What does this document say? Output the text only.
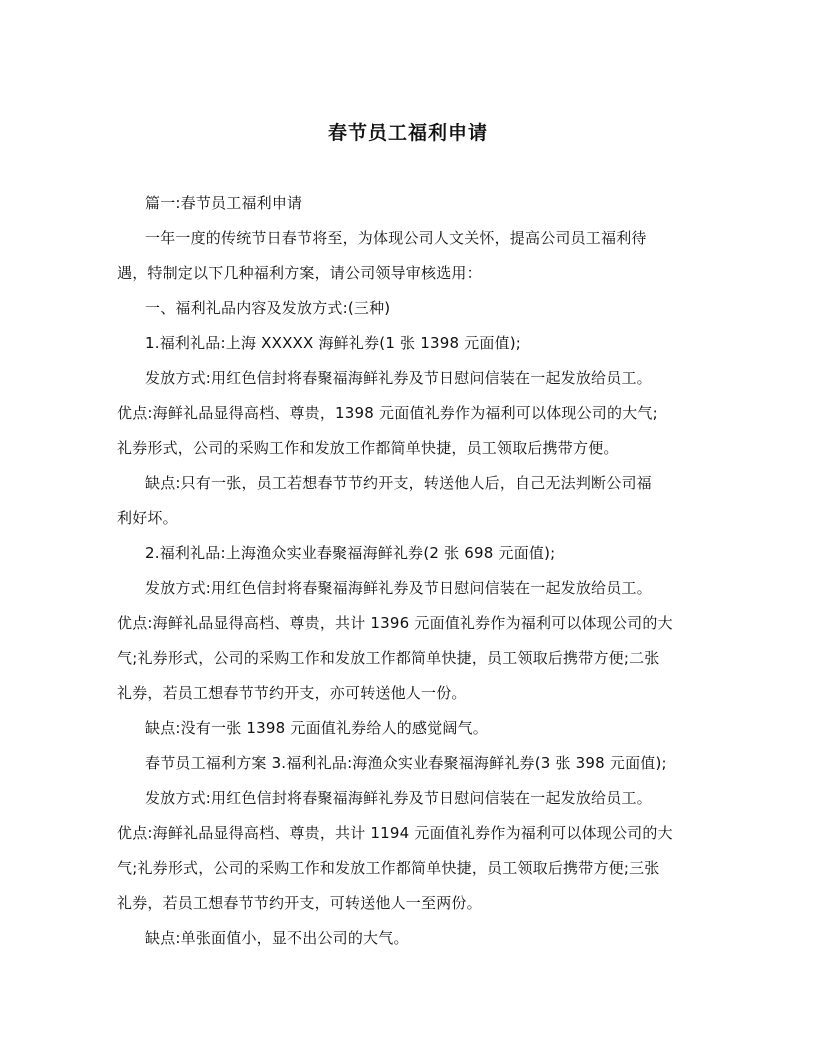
春节员工福利申请
篇一:春节员工福利申请
一年一度的传统节日春节将至，为体现公司人文关怀，提高公司员工福利待
遇，特制定以下几种福利方案，请公司领导审核选用：
一、福利礼品内容及发放方式:(三种)
1.福利礼品:上海 XXXXX 海鲜礼券(1 张 1398 元面值);
发放方式:用红色信封将春聚福海鲜礼券及节日慰问信装在一起发放给员工。
优点:海鲜礼品显得高档、尊贵，1398 元面值礼券作为福利可以体现公司的大气;
礼券形式，公司的采购工作和发放工作都简单快捷，员工领取后携带方便。
缺点:只有一张，员工若想春节节约开支，转送他人后，自己无法判断公司福
利好坏。
2.福利礼品:上海渔众实业春聚福海鲜礼券(2 张 698 元面值);
发放方式:用红色信封将春聚福海鲜礼券及节日慰问信装在一起发放给员工。
优点:海鲜礼品显得高档、尊贵，共计 1396 元面值礼券作为福利可以体现公司的大
气;礼券形式，公司的采购工作和发放工作都简单快捷，员工领取后携带方便;二张
礼券，若员工想春节节约开支，亦可转送他人一份。
缺点:没有一张 1398 元面值礼券给人的感觉阔气。
春节员工福利方案 3.福利礼品:海渔众实业春聚福海鲜礼券(3 张 398 元面值);
发放方式:用红色信封将春聚福海鲜礼券及节日慰问信装在一起发放给员工。
优点:海鲜礼品显得高档、尊贵，共计 1194 元面值礼券作为福利可以体现公司的大
气;礼券形式，公司的采购工作和发放工作都简单快捷，员工领取后携带方便;三张
礼券，若员工想春节节约开支，可转送他人一至两份。
缺点:单张面值小，显不出公司的大气。
